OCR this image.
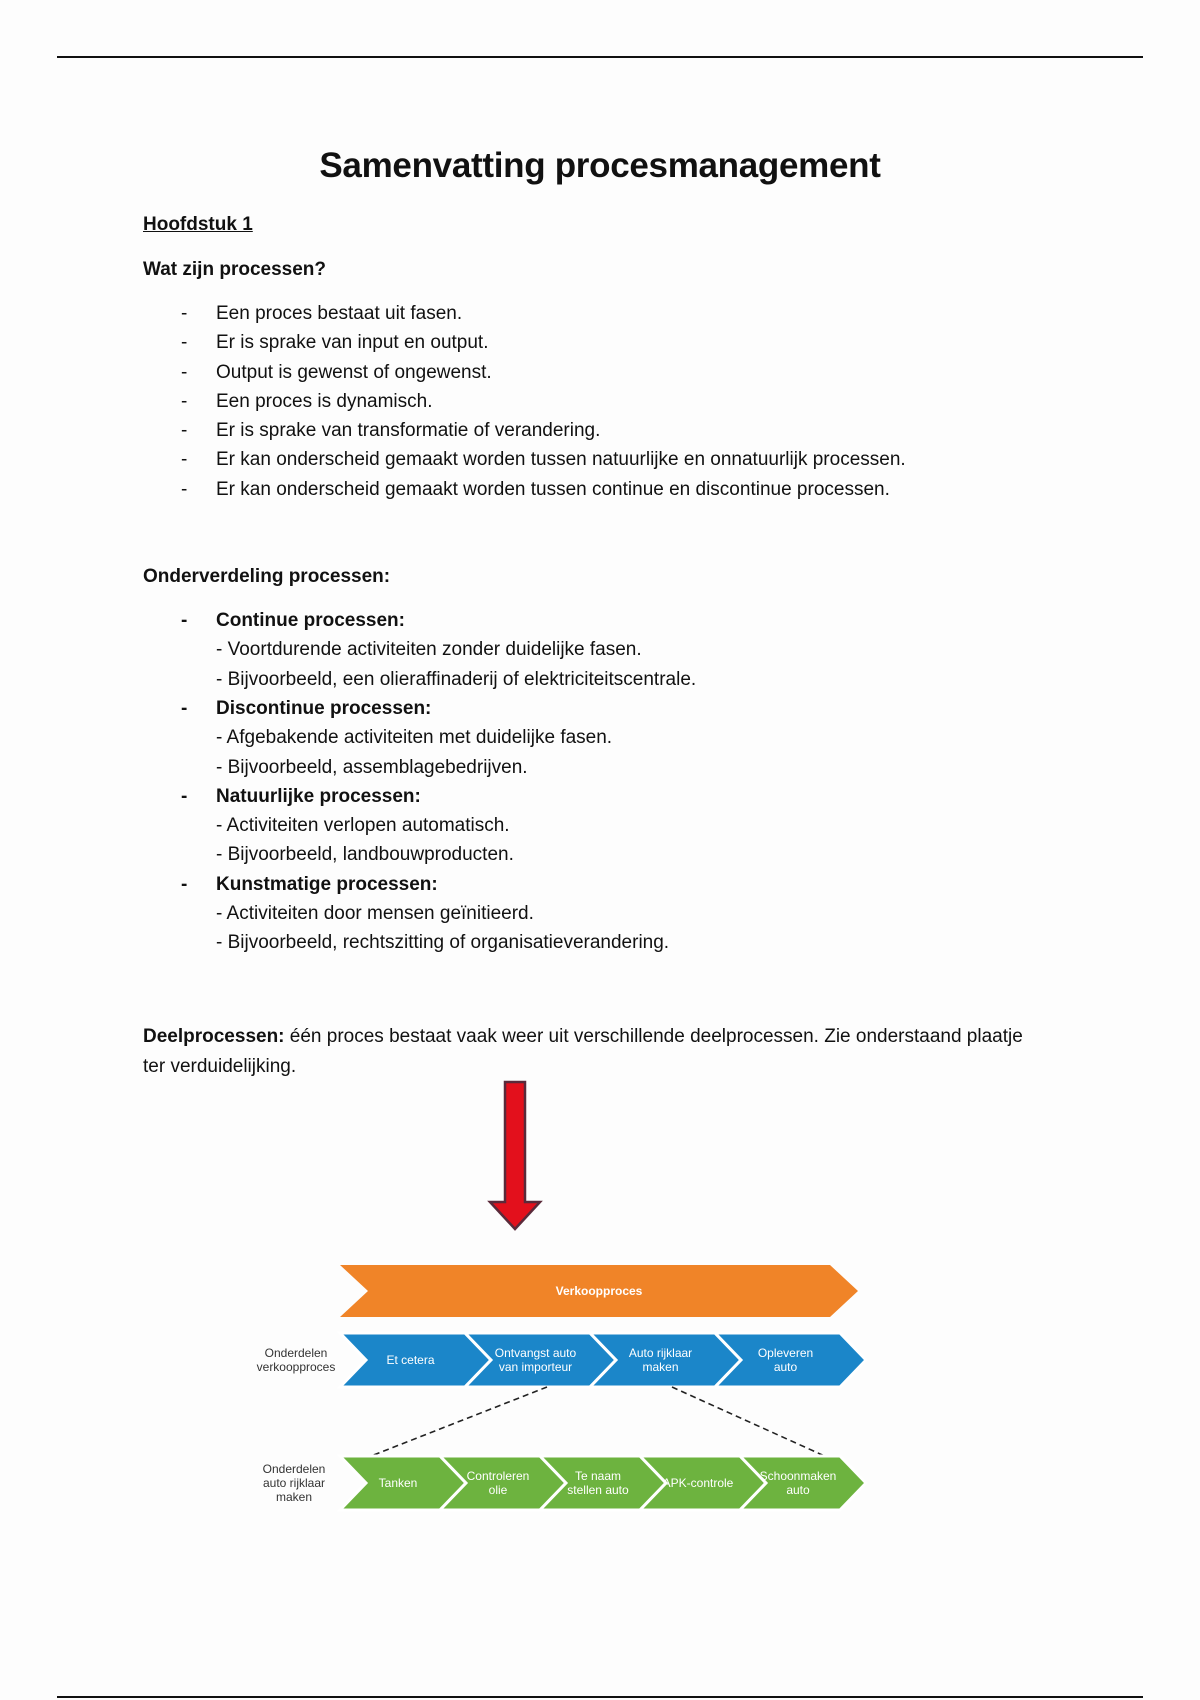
Samenvatting procesmanagement

Hoofdstuk 1

Wat zijn processen?

- Een proces bestaat uit fasen.
- Er is sprake van input en output.
- Output is gewenst of ongewenst.
- Een proces is dynamisch.
- Er is sprake van transformatie of verandering.
- Er kan onderscheid gemaakt worden tussen natuurlijke en onnatuurlijk processen.
- Er kan onderscheid gemaakt worden tussen continue en discontinue processen.

Onderverdeling processen:

- Continue processen:
- Voortdurende activiteiten zonder duidelijke fasen.
- Bijvoorbeeld, een olieraffinaderij of elektriciteitscentrale.
- Discontinue processen:
- Afgebakende activiteiten met duidelijke fasen.
- Bijvoorbeeld, assemblagebedrijven.
- Natuurlijke processen:
- Activiteiten verlopen automatisch.
- Bijvoorbeeld, landbouwproducten.
- Kunstmatige processen:
- Activiteiten door mensen geïnitieerd.
- Bijvoorbeeld, rechtszitting of organisatieverandering.

Deelprocessen: één proces bestaat vaak weer uit verschillende deelprocessen. Zie onderstaand plaatje ter verduidelijking.

Verkoopproces
Et cetera	Ontvangst auto van importeur
Auto rijklaar maken
Opleveren auto
Onderdelen verkoopproces
Tanken	Controleren olie
Te naam stellen auto	APK-controle Schoonmaken auto
Onderdelen auto rijklaar maken
